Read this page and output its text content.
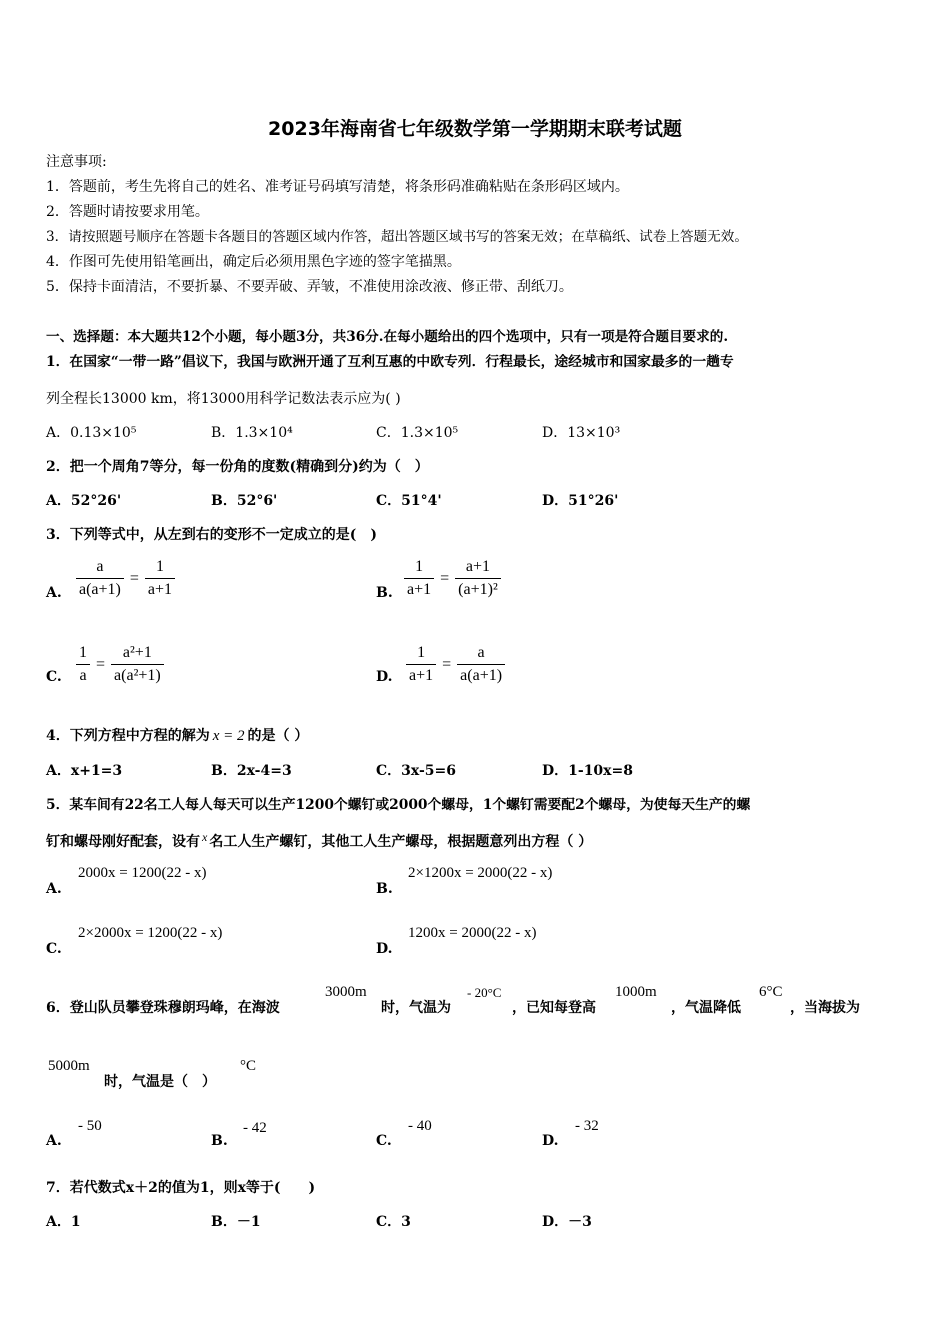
2023年海南省七年级数学第一学期期末联考试题
注意事项:
1．答题前，考生先将自己的姓名、准考证号码填写清楚，将条形码准确粘贴在条形码区域内。
2．答题时请按要求用笔。
3．请按照题号顺序在答题卡各题目的答题区域内作答，超出答题区域书写的答案无效；在草稿纸、试卷上答题无效。
4．作图可先使用铅笔画出，确定后必须用黑色字迹的签字笔描黑。
5．保持卡面清洁，不要折暴、不要弄破、弄皱，不准使用涂改液、修正带、刮纸刀。
一、选择题：本大题共12个小题，每小题3分，共36分.在每小题给出的四个选项中，只有一项是符合题目要求的.
1．在国家“一带一路”倡议下，我国与欧洲开通了互利互惠的中欧专列．行程最长，途经城市和国家最多的一趟专
列全程长13000 km，将13000用科学记数法表示应为( )
A．0.13×10⁵	B．1.3×10⁴	C．1.3×10⁵	D．13×10³
2．把一个周角7等分，每一份角的度数(精确到分)约为（　）
A．52°26'	B．52°6'	C．51°4'	D．51°26'
3．下列等式中，从左到右的变形不一定成立的是(　)
A. $\frac{a}{a(a+1)} = \frac{1}{a+1}$	B. $\frac{1}{a+1} = \frac{a+1}{\text{(a+1)²}}$
C. $\frac{1}{a} = \frac{\text{a²+1}}{\text{a(a²+1)}}$	D. $\frac{1}{a+1} = \frac{a}{a(a+1)}$
4．下列方程中方程的解为 x = 2 的是（ ）
A．x+1=3	B．2x-4=3	C．3x-5=6	D．1-10x=8
5．某车间有22名工人每人每天可以生产1200个螺钉或2000个螺母，1个螺钉需要配2个螺母，为使每天生产的螺
钉和螺母刚好配套，设有 x 名工人生产螺钉，其他工人生产螺母，根据题意列出方程（ ）
A.
2000x = 1200(22 - x)
B.
2×1200x = 2000(22 - x)
C.
2×2000x = 1200(22 - x)
D.
1200x = 2000(22 - x)
6．登山队员攀登珠穆朗玛峰，在海波
3000m
时，气温为
- 20°C
，已知每登高
1000m
，气温降低
6°C
，当海拔为
5000m
时，气温是（　）
°C
A.
- 50
B.
- 42
C.
- 40
D.
- 32
7．若代数式x＋2的值为1，则x等于(　　)
A．1	B．－1	C．3	D．－3
